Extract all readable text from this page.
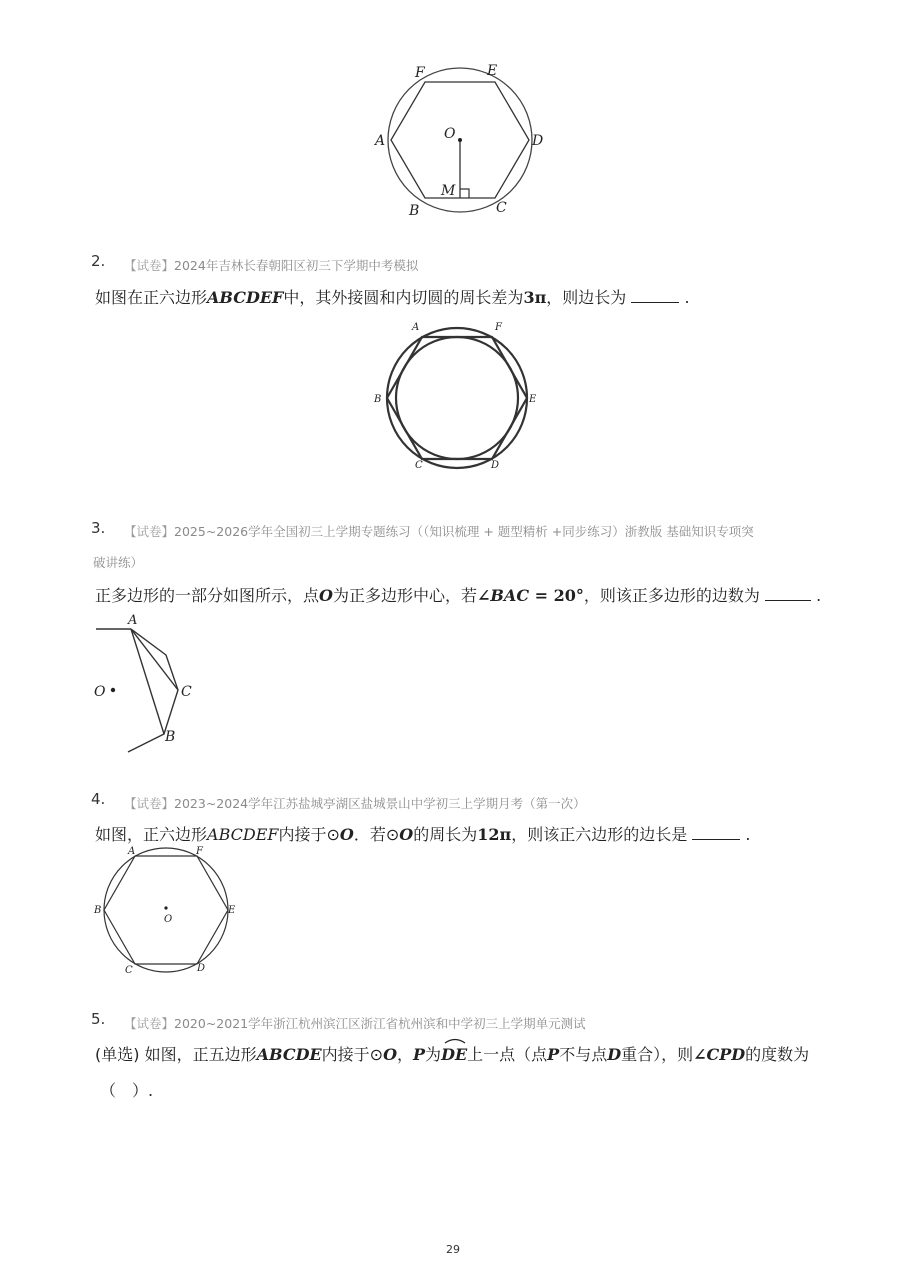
F	E
A	D
O
M
B	C
2. 【试卷】2024年吉林长春朝阳区初三下学期中考模拟
如图在正六边形ABCDEF中，其外接圆和内切圆的周长差为3π，则边长为	.
A	F
B	E
C	D
3. 【试卷】2025~2026学年全国初三上学期专题练习（（知识梳理 + 题型精析 +同步练习）浙教版 基础知识专项突
破讲练）
正多边形的一部分如图所示，点O为正多边形中心，若∠BAC = 20°，则该正多边形的边数为	.
A
O	C
B
4. 【试卷】2023~2024学年江苏盐城亭湖区盐城景山中学初三上学期月考（第一次）
如图，正六边形ABCDEF内接于⊙O．若⊙O的周长为12π，则该正六边形的边长是	.
A	F
B
O
E
C	D
5. 【试卷】2020~2021学年浙江杭州滨江区浙江省杭州滨和中学初三上学期单元测试
(单选) 如图，正五边形ABCDE内接于⊙O，P为DE上一点（点P不与点D重合），则∠CPD的度数为
（　）.
29
